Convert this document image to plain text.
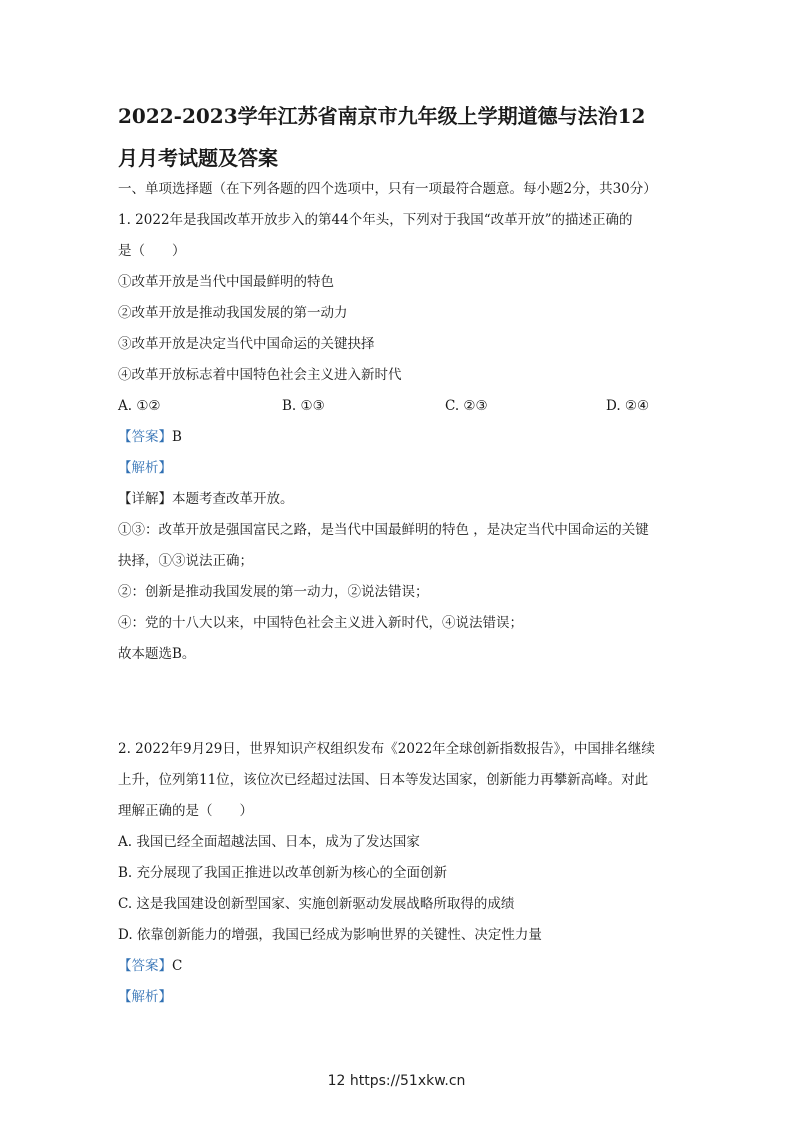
2022-2023学年江苏省南京市九年级上学期道德与法治12
月月考试题及答案
一、单项选择题（在下列各题的四个选项中，只有一项最符合题意。每小题2分，共30分）
1. 2022年是我国改革开放步入的第44个年头，下列对于我国“改革开放”的描述正确的
是（　　）
①改革开放是当代中国最鲜明的特色
②改革开放是推动我国发展的第一动力
③改革开放是决定当代中国命运的关键抉择
④改革开放标志着中国特色社会主义进入新时代
A. ①②	B. ①③	C. ②③	D. ②④
【答案】B
【解析】
【详解】本题考查改革开放。
①③：改革开放是强国富民之路，是当代中国最鲜明的特色 ，是决定当代中国命运的关键
抉择，①③说法正确；
②：创新是推动我国发展的第一动力，②说法错误；
④：党的十八大以来，中国特色社会主义进入新时代，④说法错误；
故本题选B。
2. 2022年9月29日，世界知识产权组织发布《2022年全球创新指数报告》，中国排名继续
上升，位列第11位，该位次已经超过法国、日本等发达国家，创新能力再攀新高峰。对此
理解正确的是（　　）
A. 我国已经全面超越法国、日本，成为了发达国家
B. 充分展现了我国正推进以改革创新为核心的全面创新
C. 这是我国建设创新型国家、实施创新驱动发展战略所取得的成绩
D. 依靠创新能力的增强，我国已经成为影响世界的关键性、决定性力量
【答案】C
【解析】
12 https://51xkw.cn
